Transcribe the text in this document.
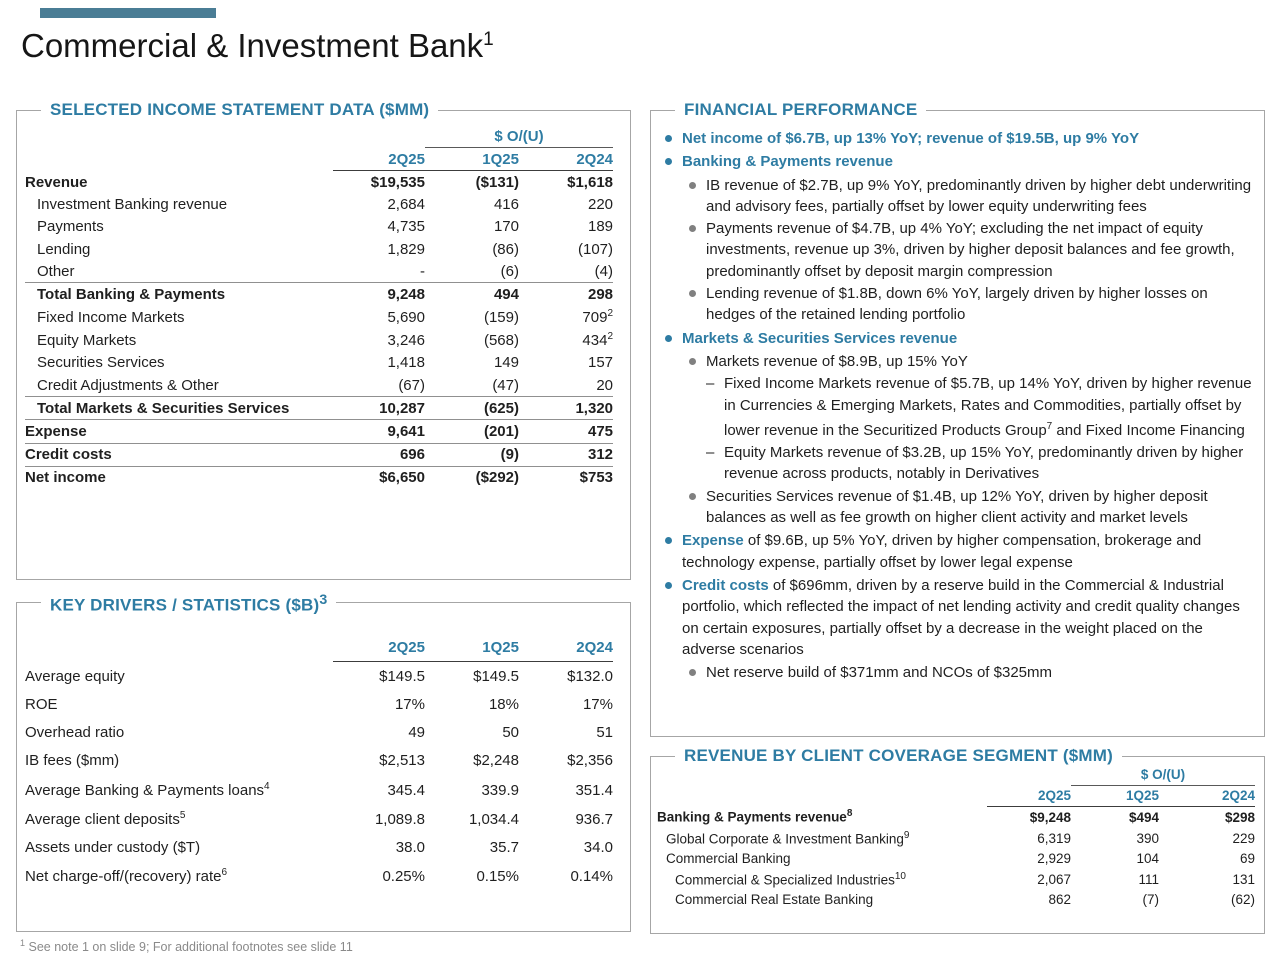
Commercial & Investment Bank$^1$
SELECTED INCOME STATEMENT DATA ($MM)
		$ O/(U)	
	2Q25	1Q25	2Q24
Revenue	$19,535	($131)	$1,618
Investment Banking revenue	2,684	416	220
Payments	4,735	170	189
Lending	1,829	(86)	(107)
Other	-	(6)	(4)
Total Banking & Payments	9,248	494	298
Fixed Income Markets	5,690	(159)	$709^2$
Equity Markets	3,246	(568)	$434^2$
Securities Services	1,418	149	157
Credit Adjustments & Other	(67)	(47)	20
Total Markets & Securities Services	10,287	(625)	1,320
Expense	9,641	(201)	475
Credit costs	696	(9)	312
Net income	$6,650	($292)	$753
KEY DRIVERS / STATISTICS ($B)$^3$
	2Q25	1Q25	2Q24
Average equity	$149.5	$149.5	$132.0
ROE	17%	18%	17%
Overhead ratio	49	50	51
IB fees ($mm)	$2,513	$2,248	$2,356
Average Banking & Payments loans$^4$	345.4	339.9	351.4
Average client deposits$^5$	1,089.8	1,034.4	936.7
Assets under custody ($T)	38.0	35.7	34.0
Net charge-off/(recovery) rate$^6$	0.25%	0.15%	0.14%
FINANCIAL PERFORMANCE
Net income of $6.7B, up 13% YoY; revenue of $19.5B, up 9% YoY
Banking & Payments revenue
IB revenue of $2.7B, up 9% YoY, predominantly driven by higher debt underwriting and advisory fees, partially offset by lower equity underwriting fees
Payments revenue of $4.7B, up 4% YoY; excluding the net impact of equity investments, revenue up 3%, driven by higher deposit balances and fee growth, predominantly offset by deposit margin compression
Lending revenue of $1.8B, down 6% YoY, largely driven by higher losses on hedges of the retained lending portfolio
Markets & Securities Services revenue
Markets revenue of $8.9B, up 15% YoY
– Fixed Income Markets revenue of $5.7B, up 14% YoY, driven by higher revenue in Currencies & Emerging Markets, Rates and Commodities, partially offset by lower revenue in the Securitized Products Group$^7$ and Fixed Income Financing
– Equity Markets revenue of $3.2B, up 15% YoY, predominantly driven by higher revenue across products, notably in Derivatives
Securities Services revenue of $1.4B, up 12% YoY, driven by higher deposit balances as well as fee growth on higher client activity and market levels
Expense of $9.6B, up 5% YoY, driven by higher compensation, brokerage and technology expense, partially offset by lower legal expense
Credit costs of $696mm, driven by a reserve build in the Commercial & Industrial portfolio, which reflected the impact of net lending activity and credit quality changes on certain exposures, partially offset by a decrease in the weight placed on the adverse scenarios
Net reserve build of $371mm and NCOs of $325mm
REVENUE BY CLIENT COVERAGE SEGMENT ($MM)
		$ O/(U)	
	2Q25	1Q25	2Q24
Banking & Payments revenue$^8$	$9,248	$494	$298
Global Corporate & Investment Banking$^9$	6,319	390	229
Commercial Banking	2,929	104	69
Commercial & Specialized Industries$^{10}$	2,067	111	131
Commercial Real Estate Banking	862	(7)	(62)
$^1$ See note 1 on slide 9; For additional footnotes see slide 11
